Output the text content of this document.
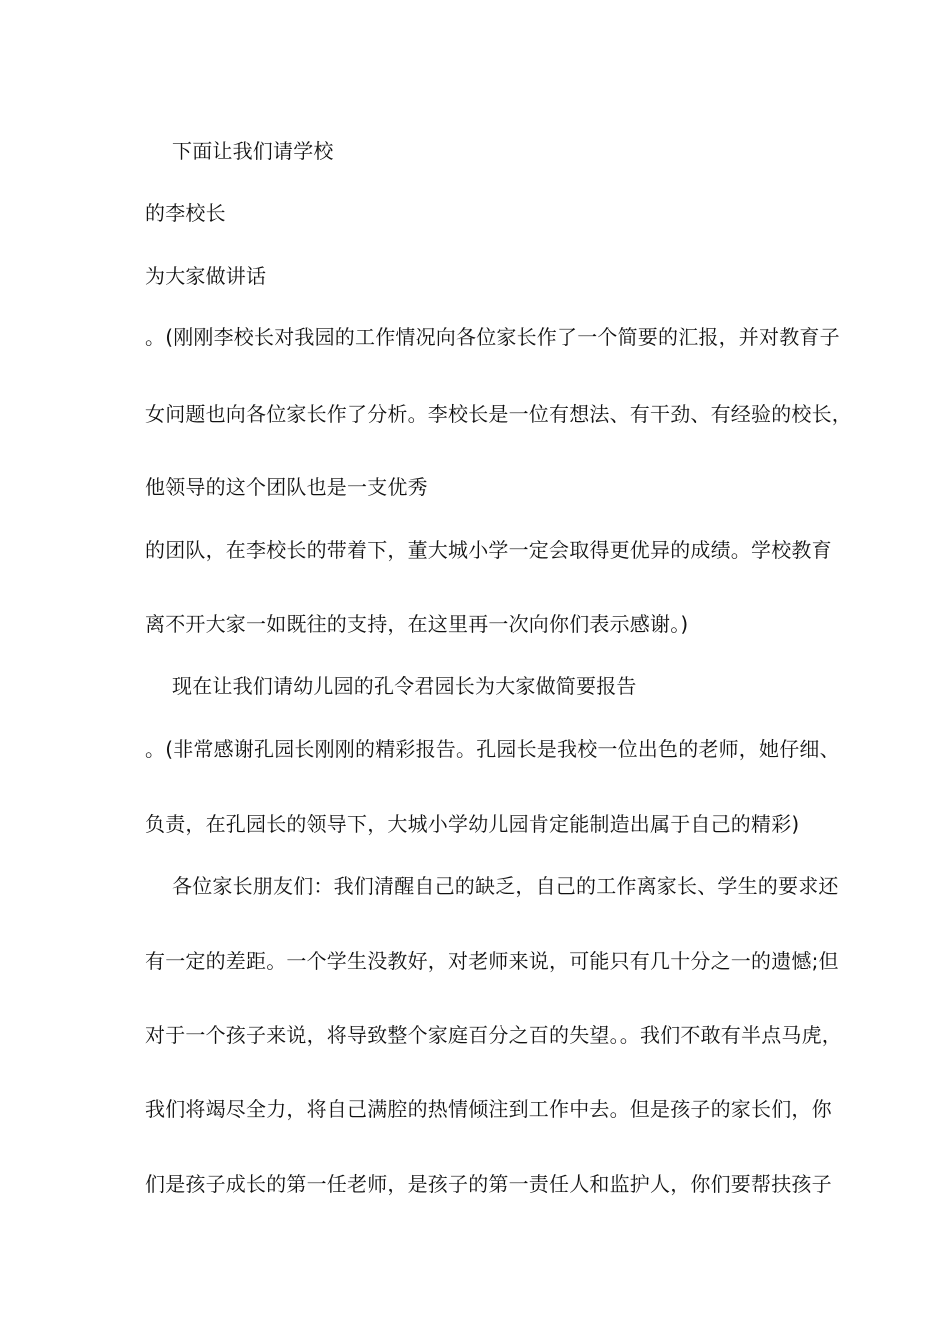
下面让我们请学校
的李校长
为大家做讲话
。(刚刚李校长对我园的工作情况向各位家长作了一个简要的汇报，并对教育子
女问题也向各位家长作了分析。李校长是一位有想法、有干劲、有经验的校长，
他领导的这个团队也是一支优秀
的团队，在李校长的带着下，董大城小学一定会取得更优异的成绩。学校教育
离不开大家一如既往的支持，在这里再一次向你们表示感谢。)
现在让我们请幼儿园的孔令君园长为大家做简要报告
。(非常感谢孔园长刚刚的精彩报告。孔园长是我校一位出色的老师，她仔细、
负责，在孔园长的领导下，大城小学幼儿园肯定能制造出属于自己的精彩)
各位家长朋友们：我们清醒自己的缺乏，自己的工作离家长、学生的要求还
有一定的差距。一个学生没教好，对老师来说，可能只有几十分之一的遗憾;但
对于一个孩子来说，将导致整个家庭百分之百的失望。。我们不敢有半点马虎，
我们将竭尽全力，将自己满腔的热情倾注到工作中去。但是孩子的家长们，你
们是孩子成长的第一任老师，是孩子的第一责任人和监护人，你们要帮扶孩子
